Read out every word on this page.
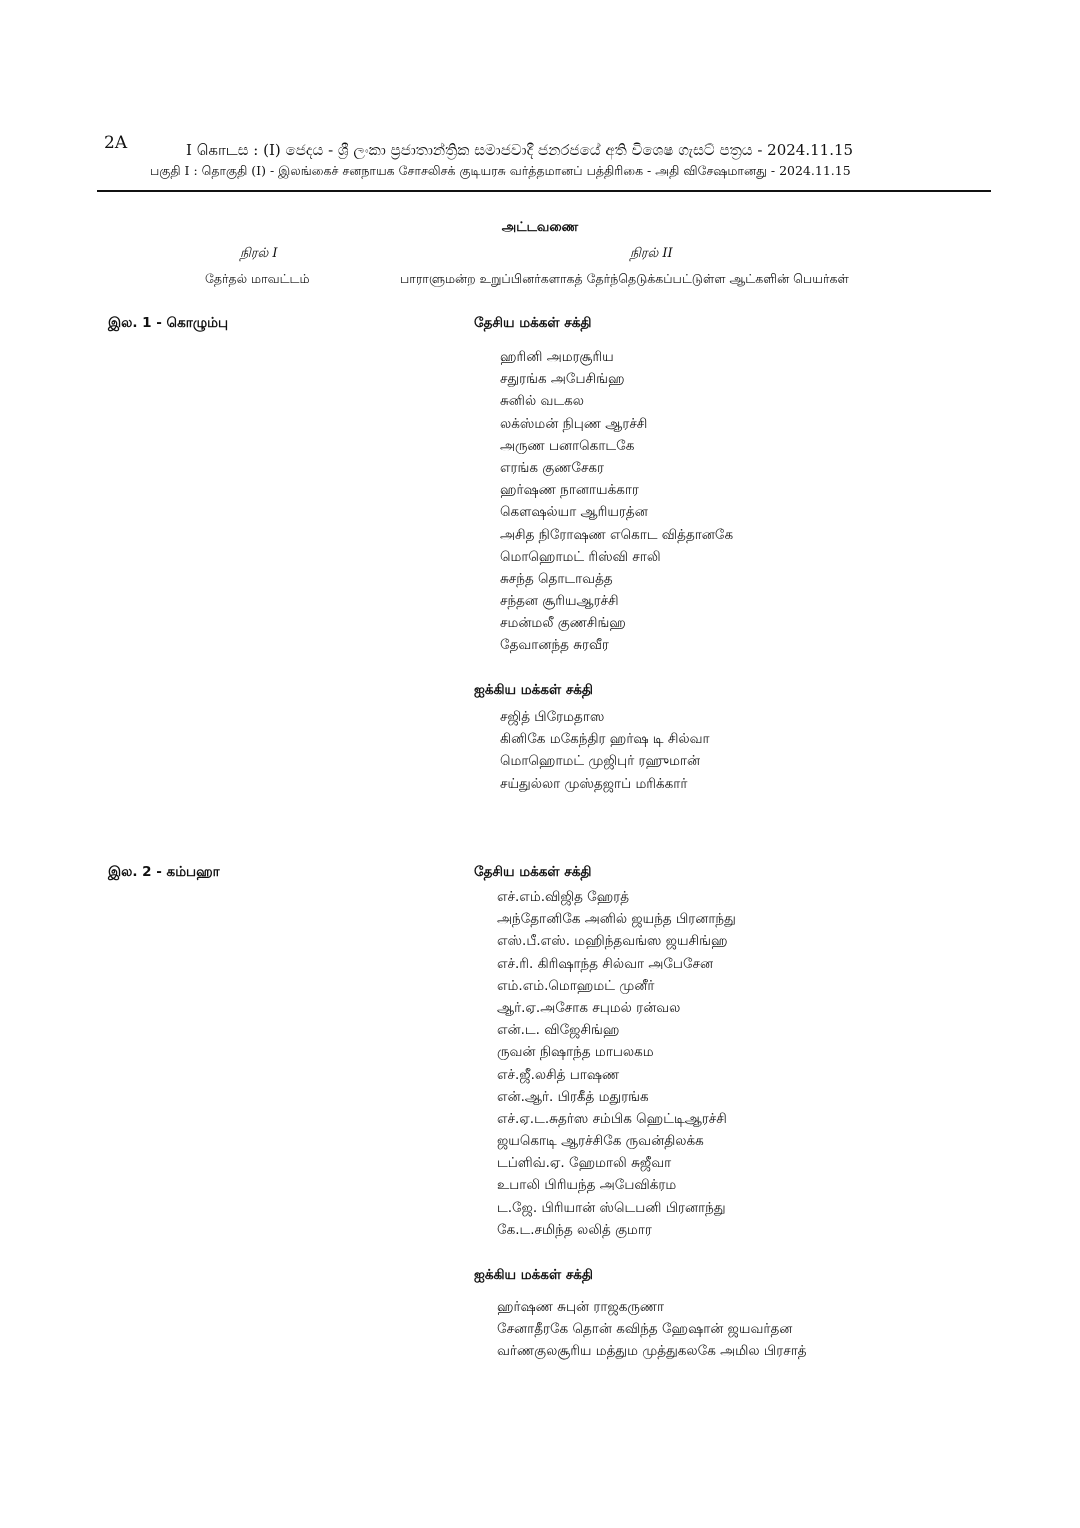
2A	I கொடස : (I) ජෙදය - ශ්‍රී ලංකා ප්‍රජාතාන්ත්‍රික සමාජවාදී ජනරජයේ අති විශෙෂ ගැසට් පත්‍රය - 2024.11.15
பகுதி I : தொகுதி (I) - இலங்கைச் சனநாயக சோசலிசக் குடியரசு வர்த்தமானப் பத்திரிகை - அதி விசேஷமானது - 2024.11.15
அட்டவணை
நிரல் I	நிரல் II
தேர்தல் மாவட்டம்	பாராளுமன்ற உறுப்பினர்களாகத் தேர்ந்தெடுக்கப்பட்டுள்ள ஆட்களின் பெயர்கள்
இல. 1 - கொழும்பு	தேசிய மக்கள் சக்தி
ஹரினி அமரசூரிய
சதுரங்க அபேசிங்ஹ
சுனில் வடகல
லக்ஸ்மன் நிபுண ஆரச்சி
அருண பனாகொடகே
எரங்க குணசேகர
ஹர்ஷண நானாயக்கார
கௌஷல்யா ஆரியரத்ன
அசித நிரோஷண எகொட வித்தானகே
மொஹொமட் ரிஸ்வி சாலி
சுசந்த தொடாவத்த
சந்தன சூரியஆரச்சி
சமன்மலீ குணசிங்ஹ
தேவானந்த சுரவீர
ஐக்கிய மக்கள் சக்தி
சஜித் பிரேமதாஸ
கினிகே மகேந்திர ஹர்ஷ டி சில்வா
மொஹொமட் முஜிபுர் ரஹுமான்
சய்துல்லா முஸ்தஜாப் மரிக்கார்
இல. 2 - கம்பஹா	தேசிய மக்கள் சக்தி
எச்.எம்.விஜித ஹேரத்
அந்தோனிகே அனில் ஜயந்த பிரனாந்து
எஸ்.பீ.எஸ். மஹிந்தவங்ஸ ஜயசிங்ஹ
எச்.ரி. கிரிஷாந்த சில்வா அபேசேன
எம்.எம்.மொஹமட் முனீர்
ஆர்.ஏ.அசோக சபுமல் ரன்வல
என்.ட. விஜேசிங்ஹ
ருவன் நிஷாந்த மாபலகம
எச்.ஜீ.லசித் பாஷண
என்.ஆர். பிரகீத் மதுரங்க
எச்.ஏ.ட.சுதர்ஸ சம்பிக ஹெட்டிஆரச்சி
ஜயகொடி ஆரச்சிகே ருவன்திலக்க
டப்ளிவ்.ஏ. ஹேமாலி சுஜீவா
உபாலி பிரியந்த அபேவிக்ரம
ட.ஜே. பிரியான் ஸ்டெபனி பிரனாந்து
கே.ட.சமிந்த லலித் குமார
ஐக்கிய மக்கள் சக்தி
ஹர்ஷண சுபுன் ராஜகருணா
சேனாதீரகே தொன் கவிந்த ஹேஷான் ஜயவர்தன
வர்ணகுலசூரிய மத்தும முத்துகலகே அமில பிரசாத்
